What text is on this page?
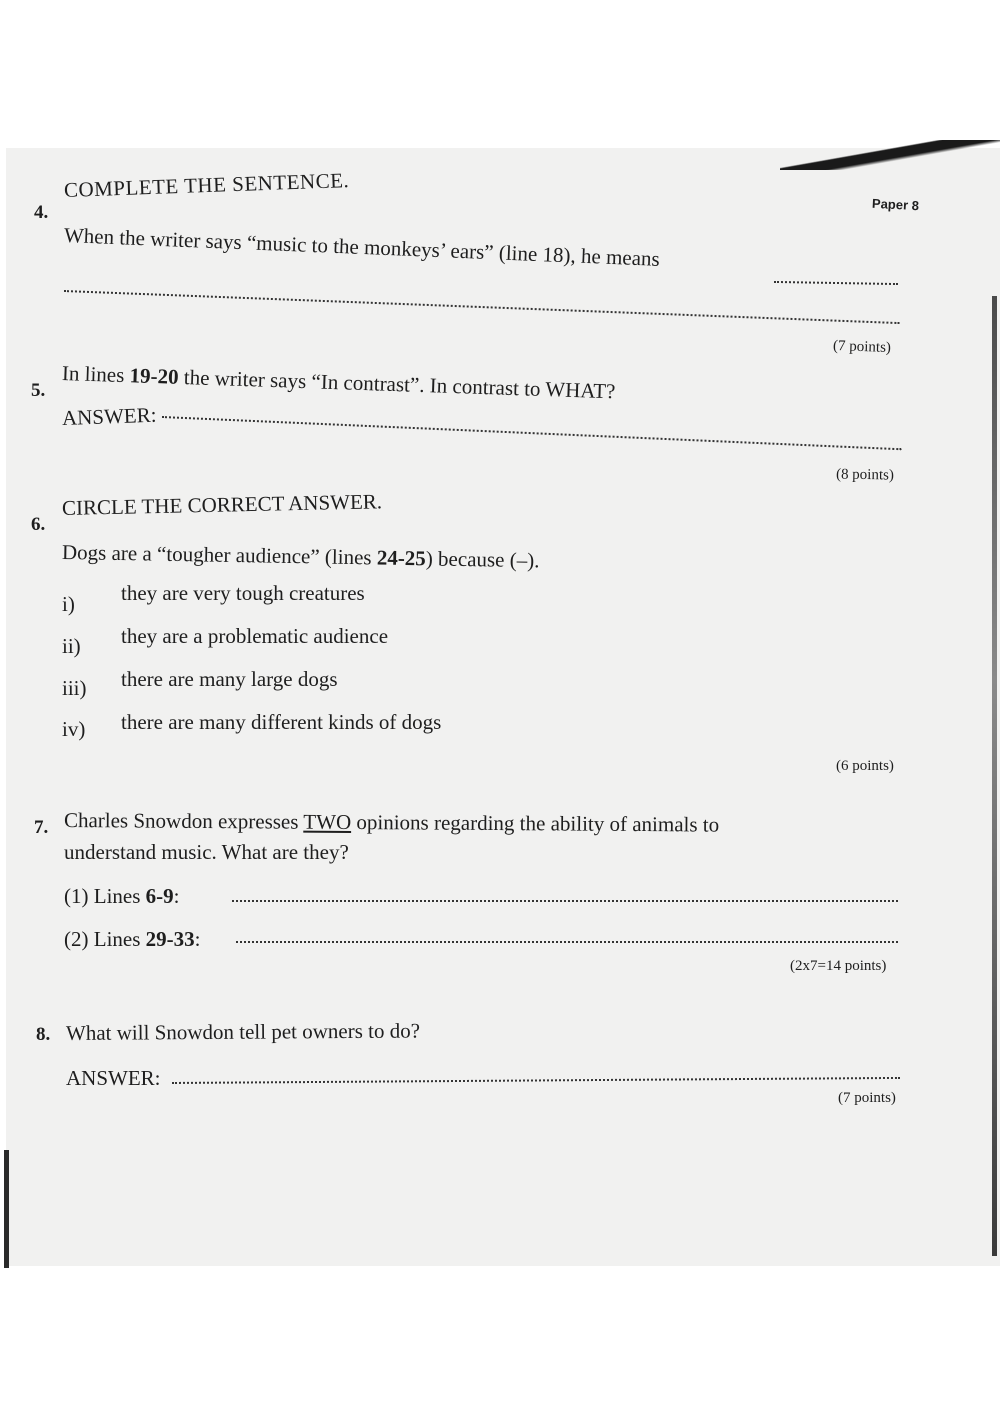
Paper 8
4.
COMPLETE THE SENTENCE.
When the writer says “music to the monkeys’ ears” (line 18), he means
(7 points)
5.
In lines 19-20 the writer says “In contrast”. In contrast to WHAT?
ANSWER:
(8 points)
6.
CIRCLE THE CORRECT ANSWER.
Dogs are a “tougher audience” (lines 24-25) because (–).
i) they are very tough creatures
ii) they are a problematic audience
iii) there are many large dogs
iv) there are many different kinds of dogs
(6 points)
7. Charles Snowdon expresses TWO opinions regarding the ability of animals to
understand music. What are they?
(1) Lines 6-9:
(2) Lines 29-33:
(2x7=14 points)
8. What will Snowdon tell pet owners to do?
ANSWER:
(7 points)
